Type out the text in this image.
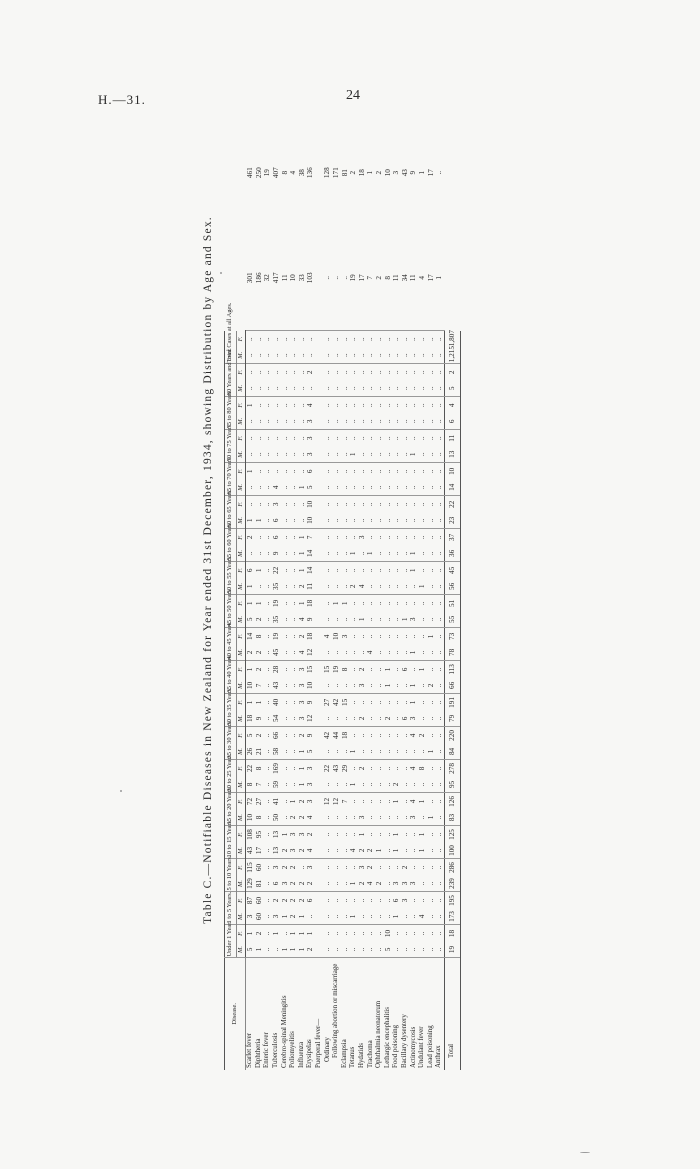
H.—31.	24
Table C.—Notifiable Diseases in New Zealand for Year ended 31st December, 1934, showing Distribution by Age and Sex.
Disease.	Under 1 Year.		1 to 5 Years.		5 to 10 Years.		10 to 15 Years.		15 to 20 Years.		20 to 25 Years.		25 to 30 Years.		30 to 35 Years.		35 to 40 Years.		40 to 45 Years.		45 to 50 Years.		50 to 55 Years.		55 to 60 Years.		60 to 65 Years.		65 to 70 Years.		70 to 75 Years.		75 to 80 Years.		80 Years and over.		Total Cases at all Ages.			
	M.	F.	M.	F.	M.	F.	M.	F.	M.	F.	M.	F.	M.	F.	M.	F.	M.	F.	M.	F.	M.	F.	M.	F.	M.	F.	M.	F.	M.	F.	M.	F.	M.	F.	M.	F.	M.	F.		
Scarlet fever	5	1	3	87	129	115	43	108	10	72	8	22	26	5	18	1	10	1	2	14	5	1	1	6	..	2	1	..	..	1	..	..	..	1	..	..	..	..	301	461
Diphtheria	1	2	60	60	81	60	17	95	8	27	7	8	21	2	9	1	7	2	2	8	2	1	..	1	..	..	1	..	..	..	..	..	..	..	..	..	..	..	186	250
Enteric fever	..	..	..	..	..	..	..	..	..	..	..	..	..	..	..	..	..	..	..	..	..	..	..	..	..	..	..	..	..	..	..	..	..	..	..	..	..	..	32	19
Tuberculosis	..	1	3	2	6	3	13	13	50	41	59	169	58	66	54	40	43	28	45	19	35	19	35	22	9	6	6	3	4	..	..	..	..	..	..	..	..	..	417	407
Cerebro-spinal Meningitis	1	..	1	2	3	2	2	1	..	..	..	..	..	..	..	..	..	..	..	..	..	..	..	..	..	..	..	..	..	..	..	..	..	..	..	..	..	..	11	8
Poliomyelitis	1	1	2	2	2	2	3	3	2	1	..	..	..	..	..	..	..	..	..	..	..	..	..	..	..	..	..	..	..	..	..	..	..	..	..	..	..	..	10	4
Influenza	1	1	1	2	2	..	2	3	2	2	1	1	1	2	3	3	3	3	4	2	4	1	2	1	1	1	..	..	1	..	..	..	..	..	..	..	..	..	33	38
Erysipelas	2	1	..	6	2	3	4	2	4	3	3	3	5	9	12	9	10	15	12	18	9	18	11	14	14	7	10	10	5	6	3	3	3	4	..	2	..	..	103	136
Puerperal fever—																																								
Ordinary	..	..	..	..	..	..	..	..	..	12	..	22	..	42	..	27	..	15	..	4	..	..	..	..	..	..	..	..	..	..	..	..	..	..	..	..	..	..	..	128
Following abortion or miscarriage	..	..	..	..	..	..	..	..	..	12	..	43	..	44	..	42	..	19	..	10	..	1	..	..	..	..	..	..	..	..	..	..	..	..	..	..	..	..	..	171
Eclampsia	..	..	..	..	..	..	..	..	..	7	..	29	..	18	..	15	..	8	..	3	..	1	..	..	..	..	..	..	..	..	..	..	..	..	..	..	..	..	..	81
Tetanus	..	..	1	..	1	..	4	..	..	..	1	..	1	..	..	..	..	..	..	..	..	..	2	..	1	..	..	..	..	..	1	..	..	..	..	..	..	..	19	2
Hydatids	..	..	..	..	2	3	2	1	3	..	..	2	..	..	2	..	3	2	..	..	1	..	4	..	..	3	..	..	..	..	..	..	..	..	..	..	..	..	17	18
Trachoma	..	..	..	..	4	2	2	..	..	..	..	..	..	..	..	..	..	..	4	..	..	..	..	..	1	..	..	..	..	..	..	..	..	..	..	..	..	..	7	1
Ophthalmia neonatorum	..	..	..	..	2	..	1	..	..	..	..	..	..	..	..	..	..	..	..	..	..	..	..	..	..	..	..	..	..	..	..	..	..	..	..	..	..	..	2	2
Lethargic encephalitis	5	10	..	..	..	..	..	..	..	..	..	..	..	..	2	..	1	1	..	..	..	..	..	..	..	..	..	..	..	..	..	..	..	..	..	..	..	..	8	10
Food poisoning	..	..	1	6	3	..	1	1	..	1	2	..	..	..	..	..	..	..	..	..	..	..	..	..	..	..	..	..	..	..	..	..	..	..	..	..	..	..	11	3
Bacillary dysentery	..	..	..	3	3	2	..	..	..	..	..	..	..	..	6	..	..	6	..	..	1	..	..	..	..	..	..	..	..	..	..	..	..	..	..	..	..	..	34	43
Actinomycosis	..	..	..	..	3	..	..	..	3	4	..	4	..	4	3	1	1	..	1	..	3	..	..	1	1	..	..	..	..	..	1	..	..	..	..	..	..	..	11	9
Undulant fever	..	..	4	..	..	..	1	1	..	1	..	8	..	2	..	..	..	1	..	..	..	..	1	..	..	..	..	..	..	..	..	..	..	..	..	..	..	..	4	1
Lead poisoning	..	..	..	..	..	..	..	..	1	..	..	..	1	..	..	..	2	..	..	1	..	..	..	..	..	..	..	..	..	..	..	..	..	..	..	..	..	..	17	17
Anthrax	..	..	..	..	..	..	..	..	..	..	..	..	..	..	..	..	..	..	..	..	..	..	..	..	..	..	..	..	..	..	..	..	..	..	..	..	..	..	1	..
Total	19	18	173	195	239	286	100	125	83	126	95	278	84	220	79	191	66	113	78	73	55	51	56	45	36	37	23	22	14	10	13	11	6	4	5	2	1,215	1,807		
